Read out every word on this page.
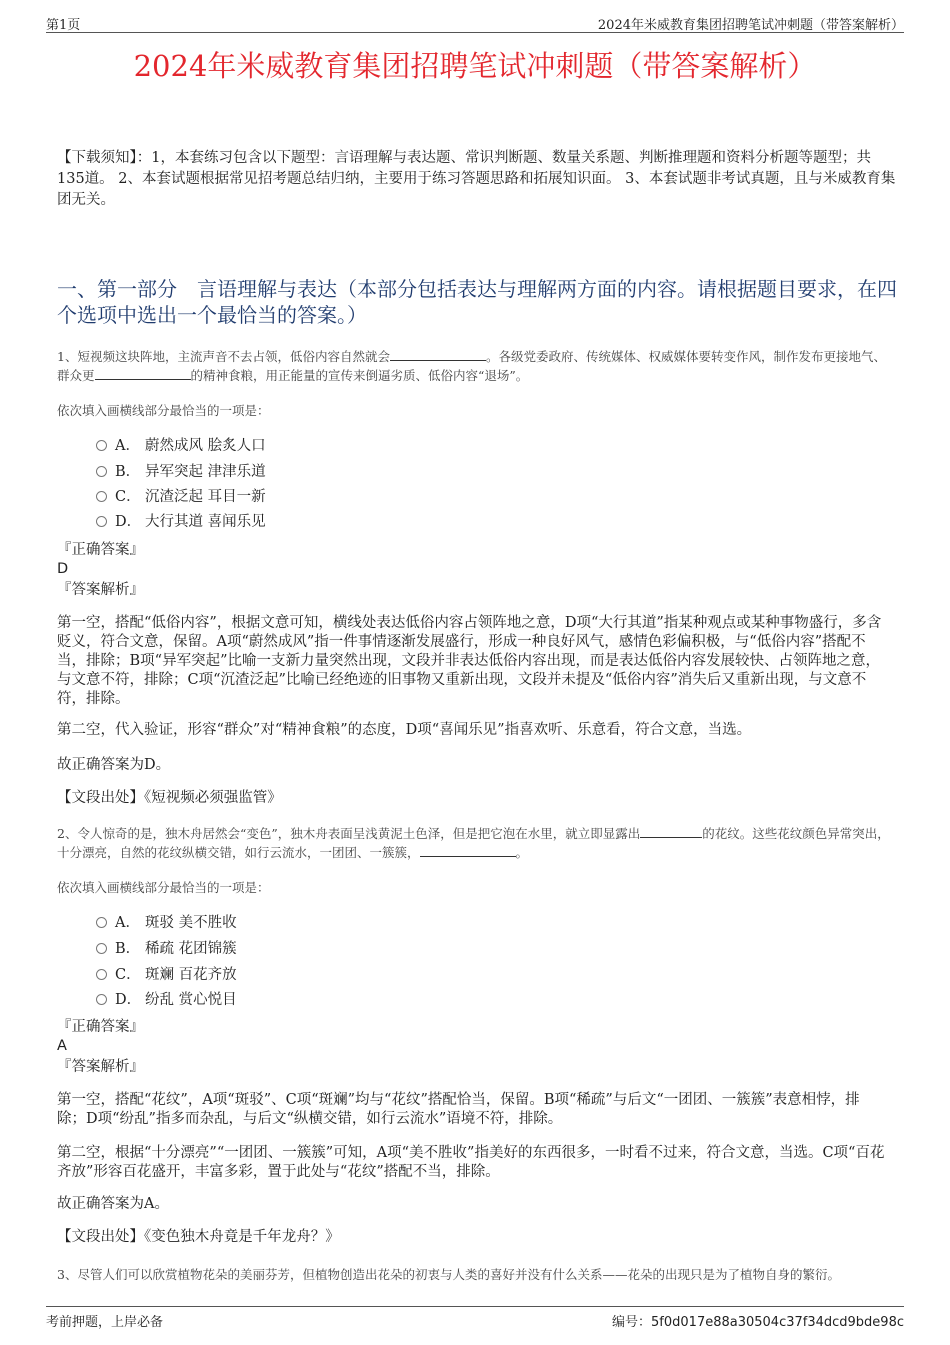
第1页	2024年米威教育集团招聘笔试冲刺题（带答案解析）
2024年米威教育集团招聘笔试冲刺题（带答案解析）
【下载须知】：1，本套练习包含以下题型：言语理解与表达题、常识判断题、数量关系题、判断推理题和资料分析题等题型；共135道。 2、本套试题根据常见招考题总结归纳，主要用于练习答题思路和拓展知识面。 3、本套试题非考试真题，且与米威教育集团无关。
一、第一部分　言语理解与表达（本部分包括表达与理解两方面的内容。请根据题目要求，在四个选项中选出一个最恰当的答案。）
1、短视频这块阵地，主流声音不去占领，低俗内容自然就会	。各级党委政府、传统媒体、权威媒体要转变作风，制作发布更接地气、群众更	的精神食粮，用正能量的宣传来倒逼劣质、低俗内容“退场”。
依次填入画横线部分最恰当的一项是：
A． 蔚然成风 脍炙人口
B． 异军突起 津津乐道
C． 沉渣泛起 耳目一新
D． 大行其道 喜闻乐见
『正确答案』
D
『答案解析』
第一空，搭配“低俗内容”，根据文意可知，横线处表达低俗内容占领阵地之意，D项“大行其道”指某种观点或某种事物盛行，多含贬义，符合文意，保留。A项“蔚然成风”指一件事情逐渐发展盛行，形成一种良好风气，感情色彩偏积极，与“低俗内容”搭配不当，排除；B项“异军突起”比喻一支新力量突然出现，文段并非表达低俗内容出现，而是表达低俗内容发展较快、占领阵地之意，与文意不符，排除；C项“沉渣泛起”比喻已经绝迹的旧事物又重新出现，文段并未提及“低俗内容”消失后又重新出现，与文意不符，排除。
第二空，代入验证，形容“群众”对“精神食粮”的态度，D项“喜闻乐见”指喜欢听、乐意看，符合文意，当选。
故正确答案为D。
【文段出处】《短视频必须强监管》
2、令人惊奇的是，独木舟居然会“变色”，独木舟表面呈浅黄泥土色泽，但是把它泡在水里，就立即显露出	的花纹。这些花纹颜色异常突出，十分漂亮，自然的花纹纵横交错，如行云流水，一团团、一簇簇，	。
依次填入画横线部分最恰当的一项是：
A． 斑驳 美不胜收
B． 稀疏 花团锦簇
C． 斑斓 百花齐放
D． 纷乱 赏心悦目
『正确答案』
A
『答案解析』
第一空，搭配“花纹”，A项“斑驳”、C项“斑斓”均与“花纹”搭配恰当，保留。B项“稀疏”与后文“一团团、一簇簇”表意相悖，排除；D项“纷乱”指多而杂乱，与后文“纵横交错，如行云流水”语境不符，排除。
第二空，根据“十分漂亮”“一团团、一簇簇”可知，A项“美不胜收”指美好的东西很多，一时看不过来，符合文意，当选。C项“百花齐放”形容百花盛开，丰富多彩，置于此处与“花纹”搭配不当，排除。
故正确答案为A。
【文段出处】《变色独木舟竟是千年龙舟？》
3、尽管人们可以欣赏植物花朵的美丽芬芳，但植物创造出花朵的初衷与人类的喜好并没有什么关系——花朵的出现只是为了植物自身的繁衍。
考前押题，上岸必备	编号：5f0d017e88a30504c37f34dcd9bde98c
